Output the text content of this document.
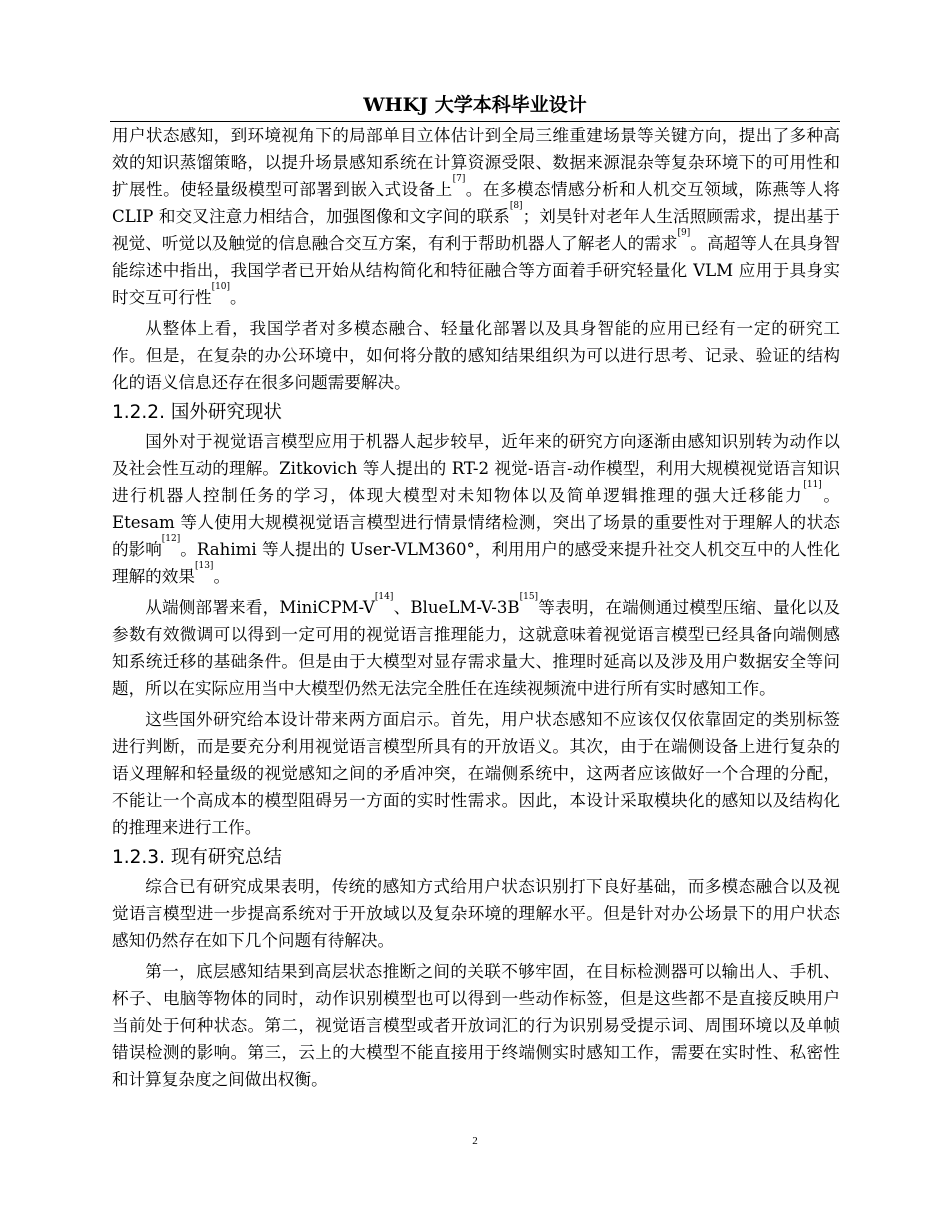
WHKJ 大学本科毕业设计

用户状态感知，到环境视角下的局部单目立体估计到全局三维重建场景等关键方向，提出了多种高效的知识蒸馏策略，以提升场景感知系统在计算资源受限、数据来源混杂等复杂环境下的可用性和扩展性。使轻量级模型可部署到嵌入式设备上[7]。在多模态情感分析和人机交互领域，陈燕等人将 CLIP 和交叉注意力相结合，加强图像和文字间的联系[8]；刘昊针对老年人生活照顾需求，提出基于视觉、听觉以及触觉的信息融合交互方案，有利于帮助机器人了解老人的需求[9]。高超等人在具身智能综述中指出，我国学者已开始从结构简化和特征融合等方面着手研究轻量化 VLM 应用于具身实时交互可行性[10]。

从整体上看，我国学者对多模态融合、轻量化部署以及具身智能的应用已经有一定的研究工作。但是，在复杂的办公环境中，如何将分散的感知结果组织为可以进行思考、记录、验证的结构化的语义信息还存在很多问题需要解决。

1.2.2. 国外研究现状

国外对于视觉语言模型应用于机器人起步较早，近年来的研究方向逐渐由感知识别转为动作以及社会性互动的理解。Zitkovich 等人提出的 RT-2 视觉-语言-动作模型，利用大规模视觉语言知识进行机器人控制任务的学习，体现大模型对未知物体以及简单逻辑推理的强大迁移能力[11]。Etesam 等人使用大规模视觉语言模型进行情景情绪检测，突出了场景的重要性对于理解人的状态的影响[12]。Rahimi 等人提出的 User-VLM360°，利用用户的感受来提升社交人机交互中的人性化理解的效果[13]。

从端侧部署来看，MiniCPM-V[14]、BlueLM-V-3B[15]等表明，在端侧通过模型压缩、量化以及参数有效微调可以得到一定可用的视觉语言推理能力，这就意味着视觉语言模型已经具备向端侧感知系统迁移的基础条件。但是由于大模型对显存需求量大、推理时延高以及涉及用户数据安全等问题，所以在实际应用当中大模型仍然无法完全胜任在连续视频流中进行所有实时感知工作。

这些国外研究给本设计带来两方面启示。首先，用户状态感知不应该仅仅依靠固定的类别标签进行判断，而是要充分利用视觉语言模型所具有的开放语义。其次，由于在端侧设备上进行复杂的语义理解和轻量级的视觉感知之间的矛盾冲突，在端侧系统中，这两者应该做好一个合理的分配，不能让一个高成本的模型阻碍另一方面的实时性需求。因此，本设计采取模块化的感知以及结构化的推理来进行工作。

1.2.3. 现有研究总结

综合已有研究成果表明，传统的感知方式给用户状态识别打下良好基础，而多模态融合以及视觉语言模型进一步提高系统对于开放域以及复杂环境的理解水平。但是针对办公场景下的用户状态感知仍然存在如下几个问题有待解决。

第一，底层感知结果到高层状态推断之间的关联不够牢固，在目标检测器可以输出人、手机、杯子、电脑等物体的同时，动作识别模型也可以得到一些动作标签，但是这些都不是直接反映用户当前处于何种状态。第二，视觉语言模型或者开放词汇的行为识别易受提示词、周围环境以及单帧错误检测的影响。第三，云上的大模型不能直接用于终端侧实时感知工作，需要在实时性、私密性和计算复杂度之间做出权衡。

2
